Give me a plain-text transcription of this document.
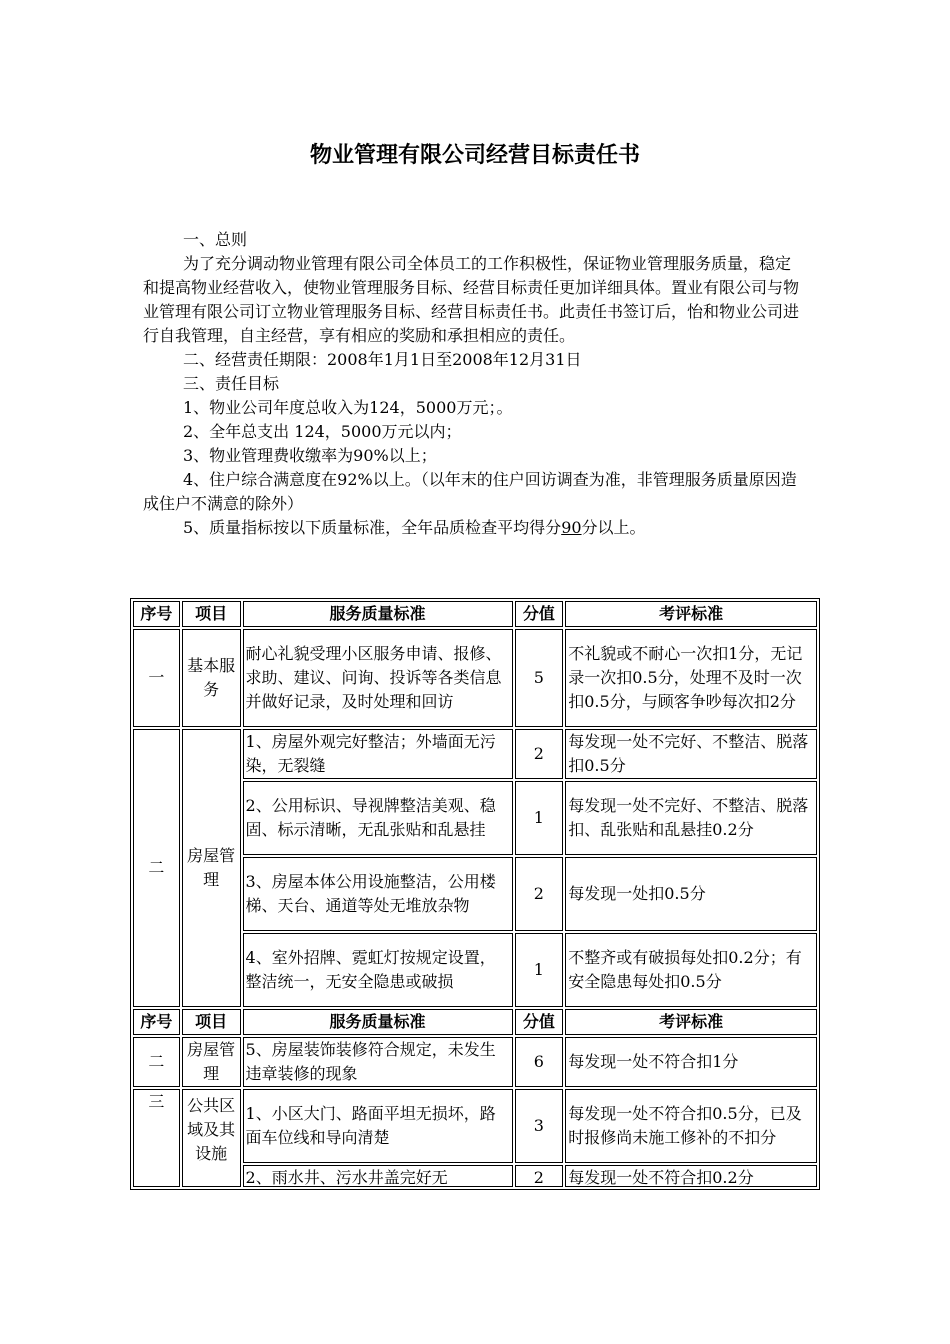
物业管理有限公司经营目标责任书

一、总则

为了充分调动物业管理有限公司全体员工的工作积极性，保证物业管理服务质量，稳定和提高物业经营收入，使物业管理服务目标、经营目标责任更加详细具体。置业有限公司与物业管理有限公司订立物业管理服务目标、经营目标责任书。此责任书签订后，怡和物业公司进行自我管理，自主经营，享有相应的奖励和承担相应的责任。

二、经营责任期限：2008年1月1日至2008年12月31日

三、责任目标

1、物业公司年度总收入为124，5000万元；。

2、全年总支出 124，5000万元以内；

3、物业管理费收缴率为90%以上；

4、住户综合满意度在92%以上。（以年末的住户回访调查为准，非管理服务质量原因造成住户不满意的除外）

5、质量指标按以下质量标准，全年品质检查平均得分90分以上。

序号	项目	服务质量标准	分值	考评标准
一	基本服务	耐心礼貌受理小区服务申请、报修、求助、建议、问询、投诉等各类信息并做好记录，及时处理和回访	5	不礼貌或不耐心一次扣1分，无记录一次扣0.5分，处理不及时一次扣0.5分，与顾客争吵每次扣2分
二	房屋管理	1、房屋外观完好整洁；外墙面无污染，无裂缝	2	每发现一处不完好、不整洁、脱落扣0.5分
		2、公用标识、导视牌整洁美观、稳固、标示清晰，无乱张贴和乱悬挂	1	每发现一处不完好、不整洁、脱落扣、乱张贴和乱悬挂0.2分
		3、房屋本体公用设施整洁，公用楼梯、天台、通道等处无堆放杂物	2	每发现一处扣0.5分
		4、室外招牌、霓虹灯按规定设置，整洁统一，无安全隐患或破损	1	不整齐或有破损每处扣0.2分；有安全隐患每处扣0.5分
序号	项目	服务质量标准	分值	考评标准
二	房屋管理	5、房屋装饰装修符合规定，未发生违章装修的现象	6	每发现一处不符合扣1分
三	公共区域及其设施	1、小区大门、路面平坦无损坏，路面车位线和导向清楚	3	每发现一处不符合扣0.5分，已及时报修尚未施工修补的不扣分

		2、雨水井、污水井盖完好无	2	每发现一处不符合扣0.2分
